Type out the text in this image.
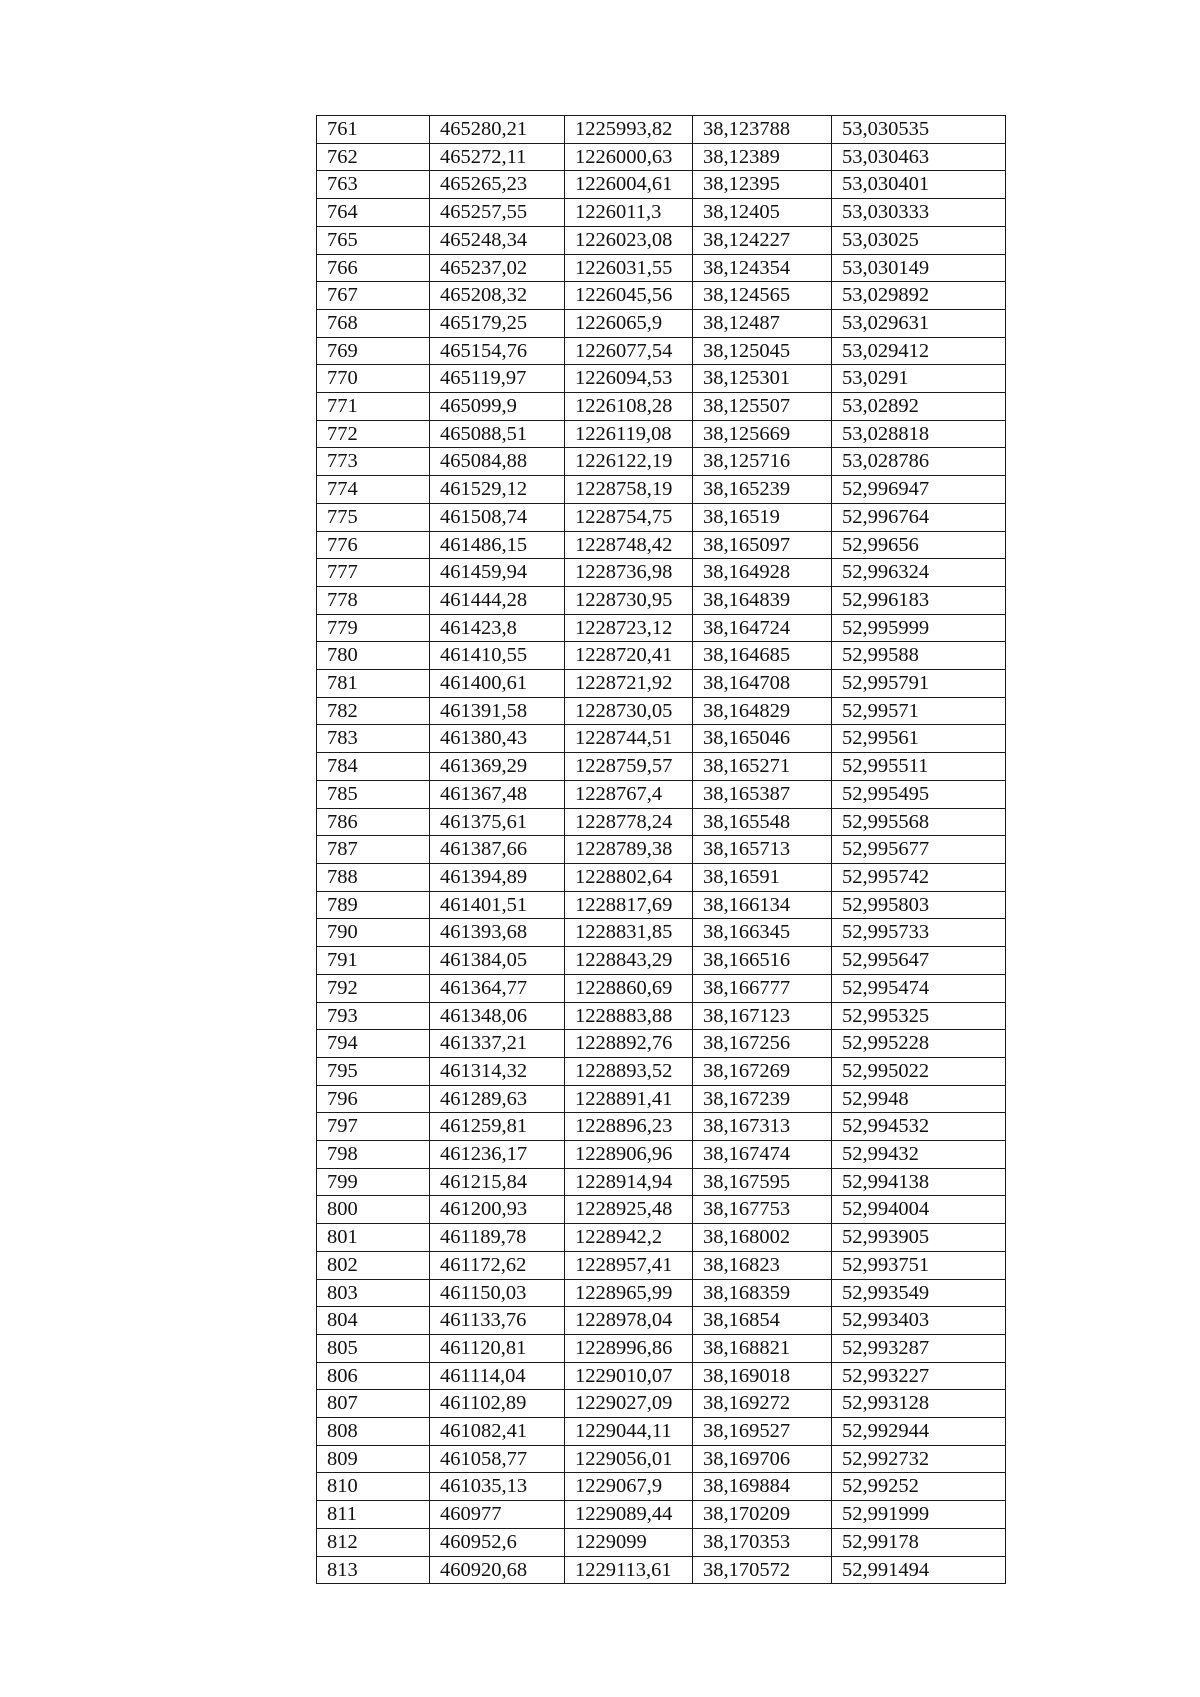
761	465280,21	1225993,82	38,123788	53,030535
762	465272,11	1226000,63	38,12389	53,030463
763	465265,23	1226004,61	38,12395	53,030401
764	465257,55	1226011,3	38,12405	53,030333
765	465248,34	1226023,08	38,124227	53,03025
766	465237,02	1226031,55	38,124354	53,030149
767	465208,32	1226045,56	38,124565	53,029892
768	465179,25	1226065,9	38,12487	53,029631
769	465154,76	1226077,54	38,125045	53,029412
770	465119,97	1226094,53	38,125301	53,0291
771	465099,9	1226108,28	38,125507	53,02892
772	465088,51	1226119,08	38,125669	53,028818
773	465084,88	1226122,19	38,125716	53,028786
774	461529,12	1228758,19	38,165239	52,996947
775	461508,74	1228754,75	38,16519	52,996764
776	461486,15	1228748,42	38,165097	52,99656
777	461459,94	1228736,98	38,164928	52,996324
778	461444,28	1228730,95	38,164839	52,996183
779	461423,8	1228723,12	38,164724	52,995999
780	461410,55	1228720,41	38,164685	52,99588
781	461400,61	1228721,92	38,164708	52,995791
782	461391,58	1228730,05	38,164829	52,99571
783	461380,43	1228744,51	38,165046	52,99561
784	461369,29	1228759,57	38,165271	52,995511
785	461367,48	1228767,4	38,165387	52,995495
786	461375,61	1228778,24	38,165548	52,995568
787	461387,66	1228789,38	38,165713	52,995677
788	461394,89	1228802,64	38,16591	52,995742
789	461401,51	1228817,69	38,166134	52,995803
790	461393,68	1228831,85	38,166345	52,995733
791	461384,05	1228843,29	38,166516	52,995647
792	461364,77	1228860,69	38,166777	52,995474
793	461348,06	1228883,88	38,167123	52,995325
794	461337,21	1228892,76	38,167256	52,995228
795	461314,32	1228893,52	38,167269	52,995022
796	461289,63	1228891,41	38,167239	52,9948
797	461259,81	1228896,23	38,167313	52,994532
798	461236,17	1228906,96	38,167474	52,99432
799	461215,84	1228914,94	38,167595	52,994138
800	461200,93	1228925,48	38,167753	52,994004
801	461189,78	1228942,2	38,168002	52,993905
802	461172,62	1228957,41	38,16823	52,993751
803	461150,03	1228965,99	38,168359	52,993549
804	461133,76	1228978,04	38,16854	52,993403
805	461120,81	1228996,86	38,168821	52,993287
806	461114,04	1229010,07	38,169018	52,993227
807	461102,89	1229027,09	38,169272	52,993128
808	461082,41	1229044,11	38,169527	52,992944
809	461058,77	1229056,01	38,169706	52,992732
810	461035,13	1229067,9	38,169884	52,99252
811	460977	1229089,44	38,170209	52,991999
812	460952,6	1229099	38,170353	52,99178
813	460920,68	1229113,61	38,170572	52,991494
